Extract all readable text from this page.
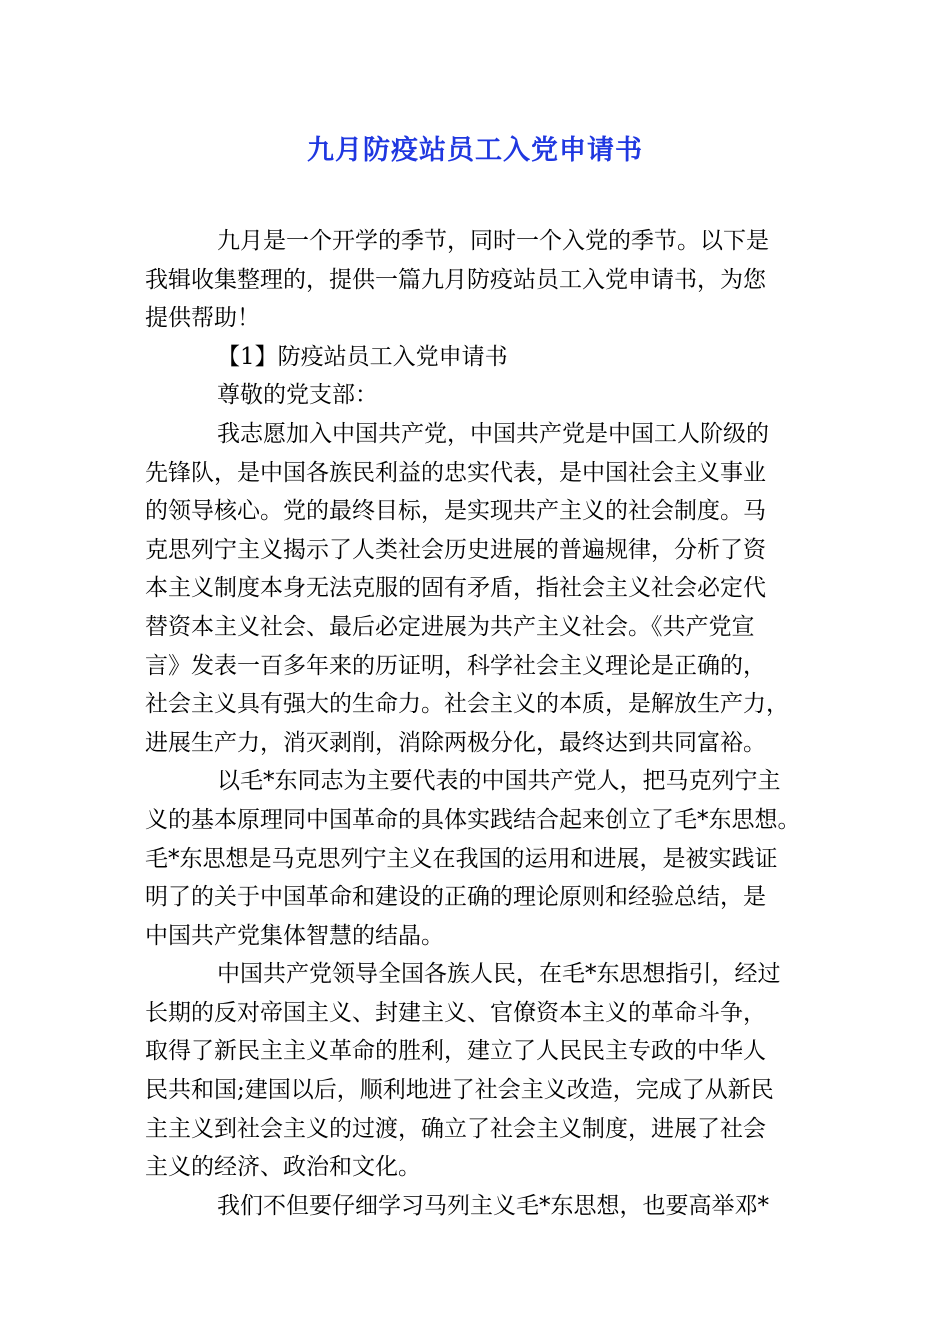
九月防疫站员工入党申请书
九月是一个开学的季节，同时一个入党的季节。以下是
我辑收集整理的，提供一篇九月防疫站员工入党申请书，为您
提供帮助！
【1】防疫站员工入党申请书
尊敬的党支部：
我志愿加入中国共产党，中国共产党是中国工人阶级的
先锋队，是中国各族民利益的忠实代表，是中国社会主义事业
的领导核心。党的最终目标，是实现共产主义的社会制度。马
克思列宁主义揭示了人类社会历史进展的普遍规律，分析了资
本主义制度本身无法克服的固有矛盾，指社会主义社会必定代
替资本主义社会、最后必定进展为共产主义社会。《共产党宣
言》发表一百多年来的历证明，科学社会主义理论是正确的，
社会主义具有强大的生命力。社会主义的本质，是解放生产力，
进展生产力，消灭剥削，消除两极分化，最终达到共同富裕。
以毛*东同志为主要代表的中国共产党人，把马克列宁主
义的基本原理同中国革命的具体实践结合起来创立了毛*东思想。
毛*东思想是马克思列宁主义在我国的运用和进展，是被实践证
明了的关于中国革命和建设的正确的理论原则和经验总结，是
中国共产党集体智慧的结晶。
中国共产党领导全国各族人民，在毛*东思想指引，经过
长期的反对帝国主义、封建主义、官僚资本主义的革命斗争，
取得了新民主主义革命的胜利，建立了人民民主专政的中华人
民共和国;建国以后，顺利地进了社会主义改造，完成了从新民
主主义到社会主义的过渡，确立了社会主义制度，进展了社会
主义的经济、政治和文化。
我们不但要仔细学习马列主义毛*东思想，也要高举邓*
